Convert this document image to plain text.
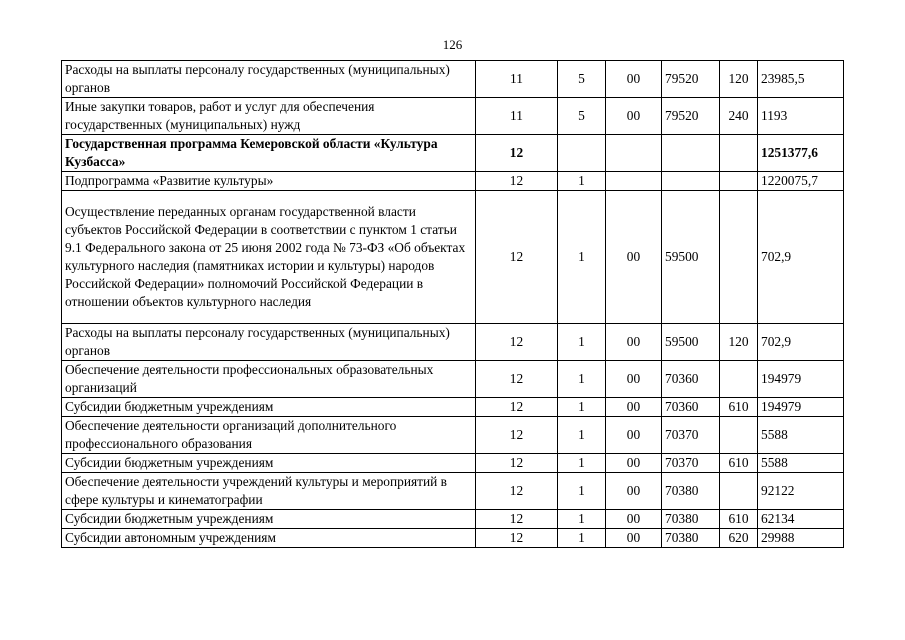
126
Расходы на выплаты персоналу государственных (муниципальных) органов	11	5	00	79520	120	23985,5
Иные закупки товаров, работ и услуг для обеспечения государственных (муниципальных) нужд	11	5	00	79520	240	1193
Государственная программа Кемеровской области «Культура Кузбасса»	12					1251377,6
Подпрограмма «Развитие культуры»	12	1				1220075,7
Осуществление переданных органам государственной власти субъектов Российской Федерации в соответствии с пунктом 1 статьи 9.1 Федерального закона от 25 июня 2002 года № 73-ФЗ «Об объектах культурного наследия (памятниках истории и культуры) народов Российской Федерации» полномочий Российской Федерации в отношении объектов культурного наследия	12	1	00	59500		702,9
Расходы на выплаты персоналу государственных (муниципальных) органов	12	1	00	59500	120	702,9
Обеспечение деятельности профессиональных образовательных организаций	12	1	00	70360		194979
Субсидии бюджетным учреждениям	12	1	00	70360	610	194979
Обеспечение деятельности организаций дополнительного профессионального образования	12	1	00	70370		5588
Субсидии бюджетным учреждениям	12	1	00	70370	610	5588
Обеспечение деятельности учреждений культуры и мероприятий в сфере культуры и кинематографии	12	1	00	70380		92122
Субсидии бюджетным учреждениям	12	1	00	70380	610	62134
Субсидии автономным учреждениям	12	1	00	70380	620	29988
